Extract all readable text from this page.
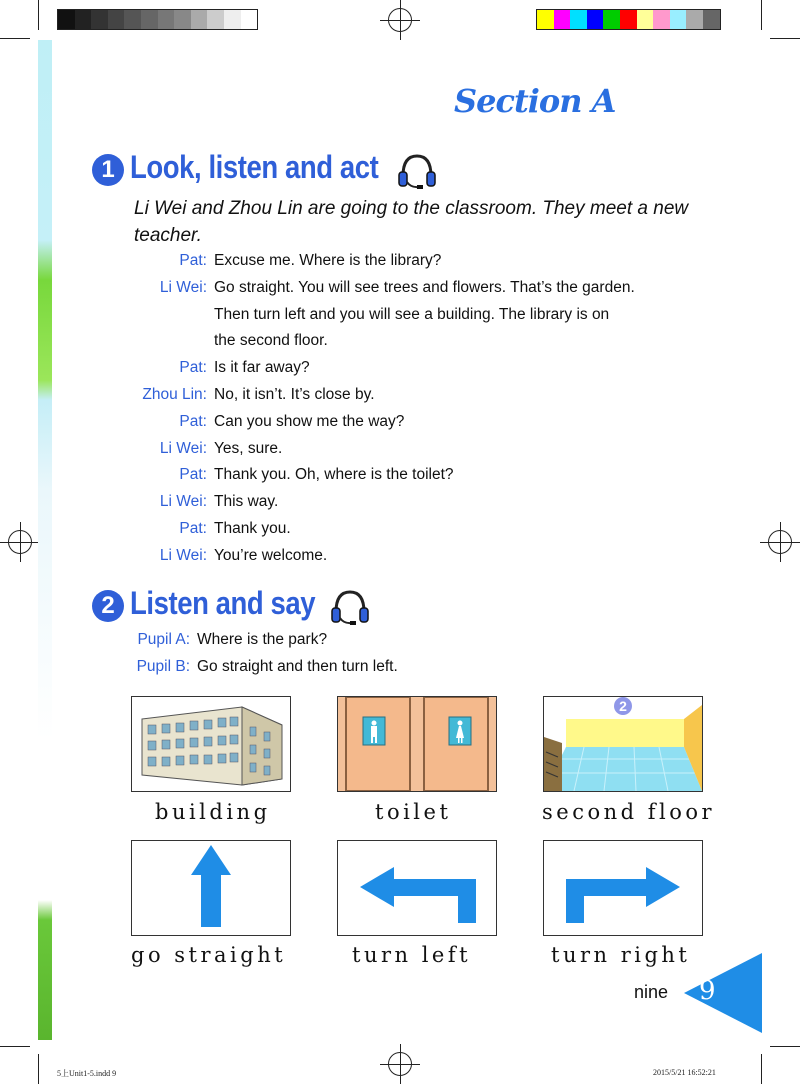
Section A
1 Look, listen and act
Li Wei and Zhou Lin are going to the classroom. They meet a new teacher.
Pat: Excuse me. Where is the library?
Li Wei: Go straight. You will see trees and flowers. That’s the garden.
Then turn left and you will see a building. The library is on
the second floor.
Pat: Is it far away?
Zhou Lin: No, it isn’t. It’s close by.
Pat: Can you show me the way?
Li Wei: Yes, sure.
Pat: Thank you. Oh, where is the toilet?
Li Wei: This way.
Pat: Thank you.
Li Wei: You’re welcome.
2 Listen and say
Pupil A: Where is the park?
Pupil B: Go straight and then turn left.
2
building	toilet	second floor
go straight	turn left	turn right
nine 9
5上Unit1-5.indd 9	2015/5/21 16:52:21
